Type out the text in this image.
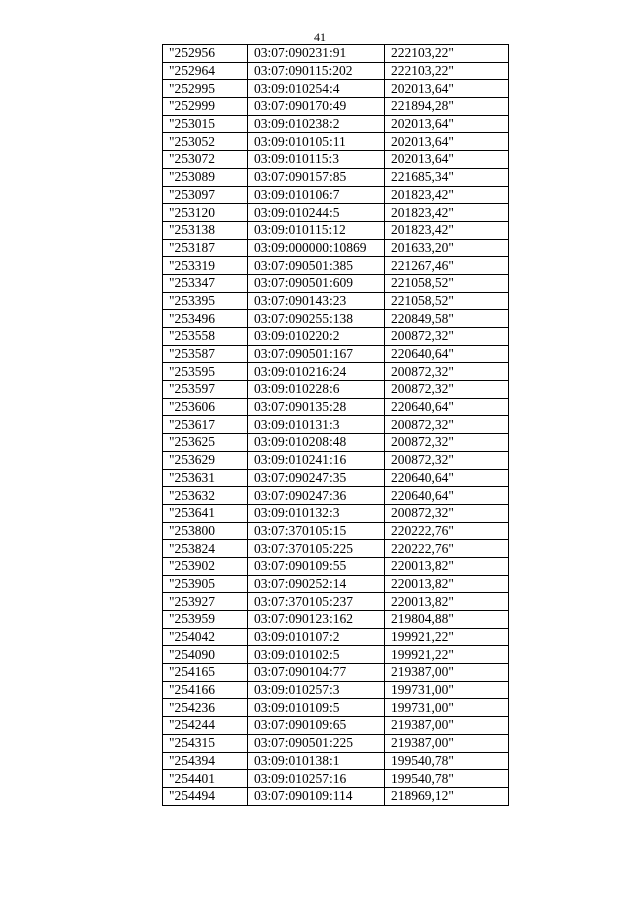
41
"252956	03:07:090231:91	222103,22"
"252964	03:07:090115:202	222103,22"
"252995	03:09:010254:4	202013,64"
"252999	03:07:090170:49	221894,28"
"253015	03:09:010238:2	202013,64"
"253052	03:09:010105:11	202013,64"
"253072	03:09:010115:3	202013,64"
"253089	03:07:090157:85	221685,34"
"253097	03:09:010106:7	201823,42"
"253120	03:09:010244:5	201823,42"
"253138	03:09:010115:12	201823,42"
"253187	03:09:000000:10869	201633,20"
"253319	03:07:090501:385	221267,46"
"253347	03:07:090501:609	221058,52"
"253395	03:07:090143:23	221058,52"
"253496	03:07:090255:138	220849,58"
"253558	03:09:010220:2	200872,32"
"253587	03:07:090501:167	220640,64"
"253595	03:09:010216:24	200872,32"
"253597	03:09:010228:6	200872,32"
"253606	03:07:090135:28	220640,64"
"253617	03:09:010131:3	200872,32"
"253625	03:09:010208:48	200872,32"
"253629	03:09:010241:16	200872,32"
"253631	03:07:090247:35	220640,64"
"253632	03:07:090247:36	220640,64"
"253641	03:09:010132:3	200872,32"
"253800	03:07:370105:15	220222,76"
"253824	03:07:370105:225	220222,76"
"253902	03:07:090109:55	220013,82"
"253905	03:07:090252:14	220013,82"
"253927	03:07:370105:237	220013,82"
"253959	03:07:090123:162	219804,88"
"254042	03:09:010107:2	199921,22"
"254090	03:09:010102:5	199921,22"
"254165	03:07:090104:77	219387,00"
"254166	03:09:010257:3	199731,00"
"254236	03:09:010109:5	199731,00"
"254244	03:07:090109:65	219387,00"
"254315	03:07:090501:225	219387,00"
"254394	03:09:010138:1	199540,78"
"254401	03:09:010257:16	199540,78"
"254494	03:07:090109:114	218969,12"
